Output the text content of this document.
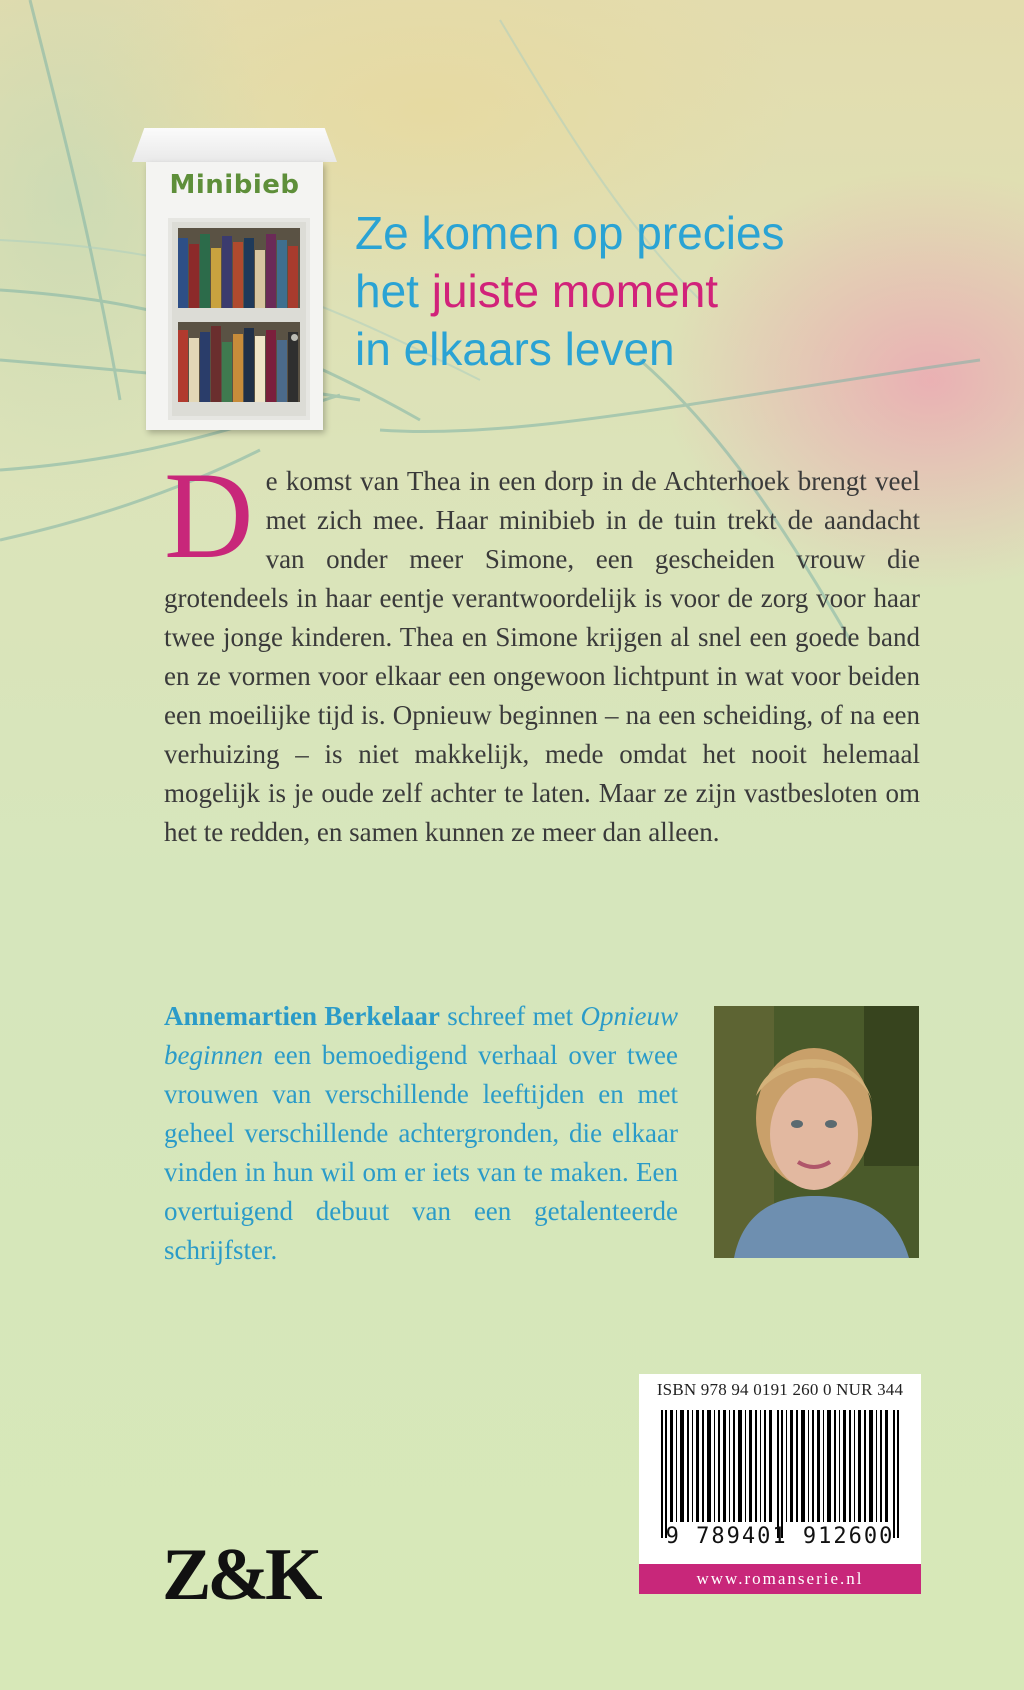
Minibieb
Ze komen op precies
het juiste moment
in elkaars leven

De komst van Thea in een dorp in de Achterhoek brengt veel met zich mee. Haar minibieb in de tuin trekt de aandacht van onder meer Simone, een gescheiden vrouw die grotendeels in haar eentje verantwoordelijk is voor de zorg voor haar twee jonge kinderen. Thea en Simone krijgen al snel een goede band en ze vormen voor elkaar een ongewoon lichtpunt in wat voor beiden een moeilijke tijd is. Opnieuw beginnen – na een scheiding, of na een verhuizing – is niet makkelijk, mede omdat het nooit helemaal mogelijk is je oude zelf achter te laten. Maar ze zijn vastbesloten om het te redden, en samen kunnen ze meer dan alleen.

Annemartien Berkelaar schreef met Opnieuw beginnen een bemoedigend verhaal over twee vrouwen van verschillende leeftijden en met geheel verschillende achtergronden, die elkaar vinden in hun wil om er iets van te maken. Een overtuigend debuut van een getalenteerde schrijfster.

ISBN 978 94 0191 260 0 NUR 344
9 789401 912600
www.romanserie.nl
Z&K
